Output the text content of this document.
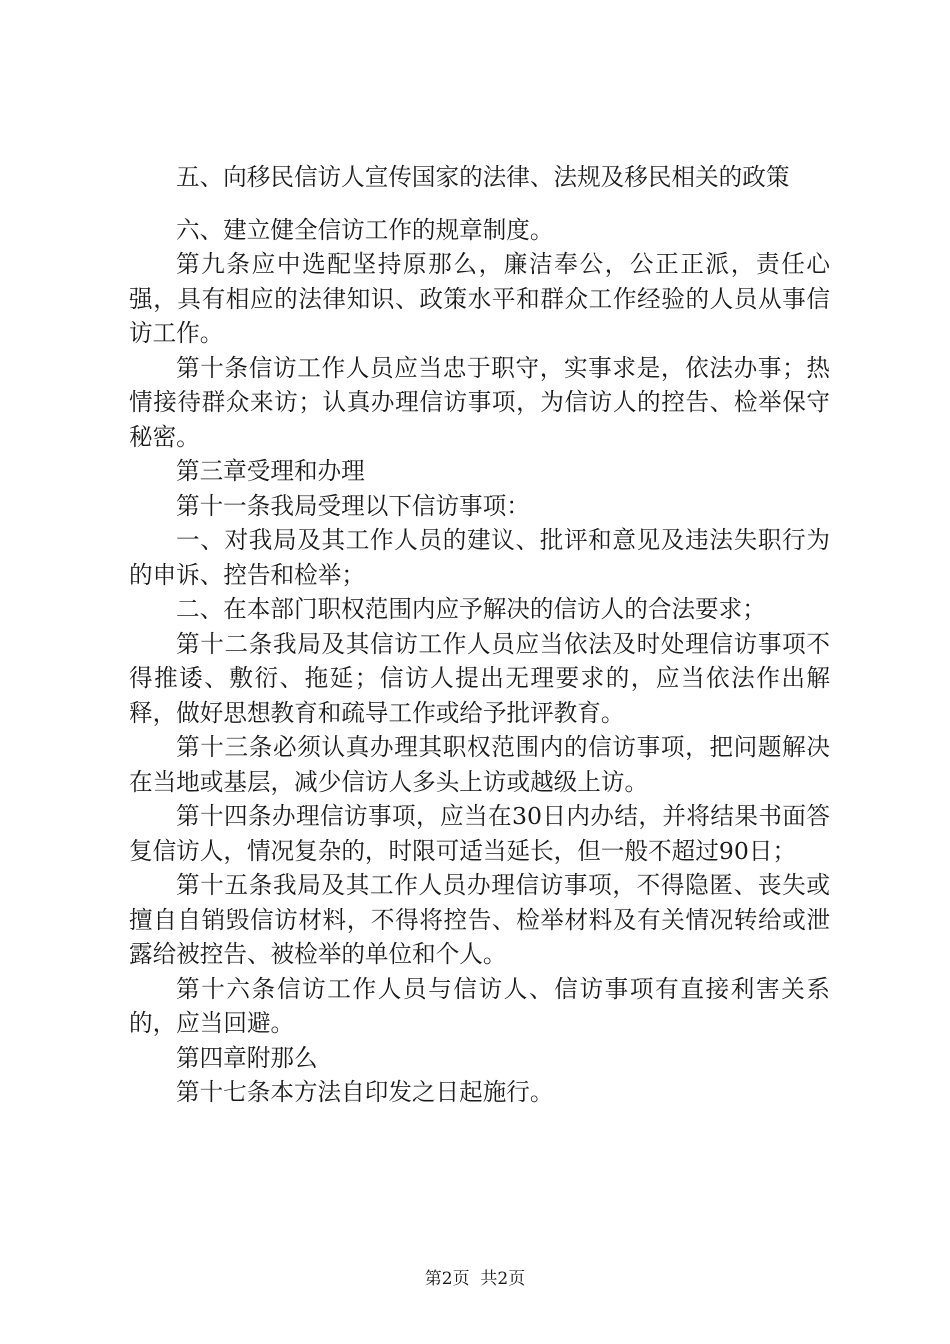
五、向移民信访人宣传国家的法律、法规及移民相关的政策

六、建立健全信访工作的规章制度。

第九条应中选配坚持原那么，廉洁奉公，公正正派，责任心强，具有相应的法律知识、政策水平和群众工作经验的人员从事信访工作。

第十条信访工作人员应当忠于职守，实事求是，依法办事；热情接待群众来访；认真办理信访事项，为信访人的控告、检举保守秘密。

第三章受理和办理

第十一条我局受理以下信访事项：

一、对我局及其工作人员的建议、批评和意见及违法失职行为的申诉、控告和检举；

二、在本部门职权范围内应予解决的信访人的合法要求；

第十二条我局及其信访工作人员应当依法及时处理信访事项不得推诿、敷衍、拖延；信访人提出无理要求的，应当依法作出解释，做好思想教育和疏导工作或给予批评教育。

第十三条必须认真办理其职权范围内的信访事项，把问题解决在当地或基层，减少信访人多头上访或越级上访。

第十四条办理信访事项，应当在30日内办结，并将结果书面答复信访人，情况复杂的，时限可适当延长，但一般不超过90日；

第十五条我局及其工作人员办理信访事项，不得隐匿、丧失或擅自自销毁信访材料，不得将控告、检举材料及有关情况转给或泄露给被控告、被检举的单位和个人。

第十六条信访工作人员与信访人、信访事项有直接利害关系的，应当回避。

第四章附那么

第十七条本方法自印发之日起施行。

第2页  共2页
